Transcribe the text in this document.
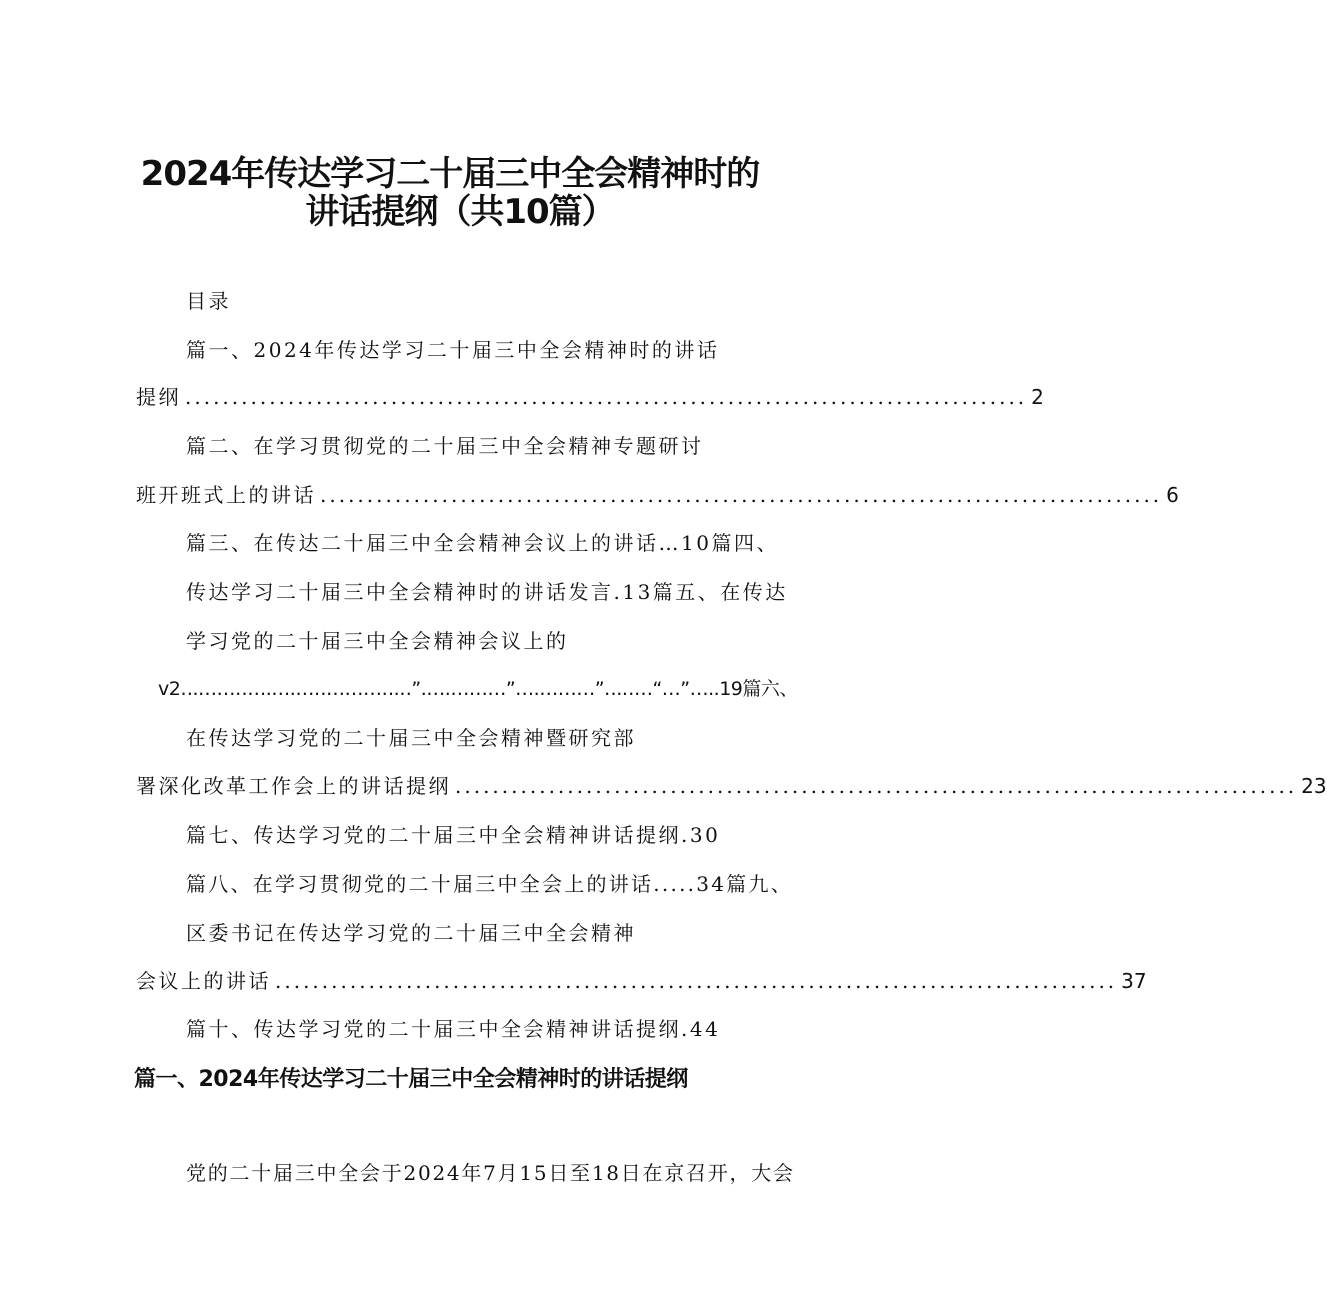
2024年传达学习二十届三中全会精神时的
讲话提纲（共10篇）
目录
篇一、2024年传达学习二十届三中全会精神时的讲话
提纲 .......................................................................................... 2
篇二、在学习贯彻党的二十届三中全会精神专题研讨
班开班式上的讲话 .......................................................................................... 6
篇三、在传达二十届三中全会精神会议上的讲话…10篇四、
传达学习二十届三中全会精神时的讲话发言.13篇五、在传达
学习党的二十届三中全会精神会议上的
v2‥.……‥….….…‥………‥.‥”.….………”….………”‥.‥…“…”…..19篇六、
在传达学习党的二十届三中全会精神暨研究部
署深化改革工作会上的讲话提纲 .......................................................................................... 23
篇七、传达学习党的二十届三中全会精神讲话提纲.30
篇八、在学习贯彻党的二十届三中全会上的讲话.....34篇九、
区委书记在传达学习党的二十届三中全会精神
会议上的讲话 .......................................................................................... 37
篇十、传达学习党的二十届三中全会精神讲话提纲.44
篇一、2024年传达学习二十届三中全会精神时的讲话提纲
党的二十届三中全会于2024年7月15日至18日在京召开，大会
